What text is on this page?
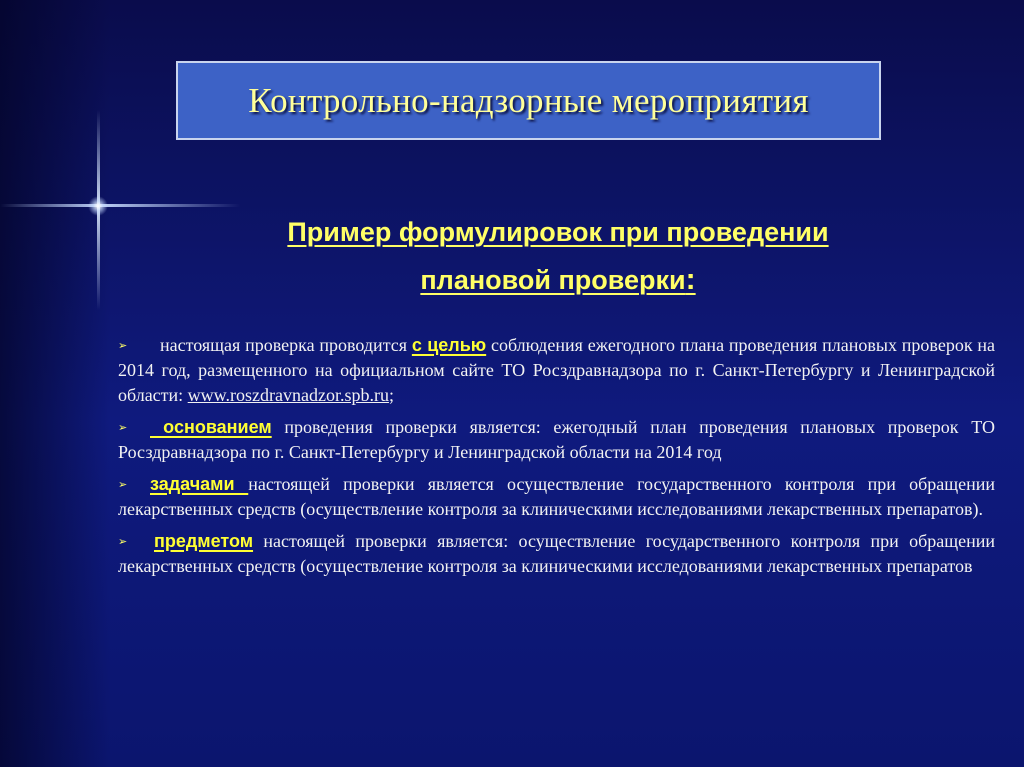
Контрольно-надзорные мероприятия
Пример формулировок при проведении
плановой проверки:
➢ настоящая проверка проводится с целью соблюдения ежегодного плана проведения плановых проверок на 2014 год, размещенного на официальном сайте ТО Росздравнадзора по г. Санкт-Петербургу и Ленинградской области: www.roszdravnadzor.spb.ru;
➢ основанием проведения проверки является: ежегодный план проведения плановых проверок ТО Росздравнадзора по г. Санкт-Петербургу и Ленинградской области на 2014 год
➢ задачами настоящей проверки является осуществление государственного контроля при обращении лекарственных средств (осуществление контроля за клиническими исследованиями лекарственных препаратов).
➢ предметом настоящей проверки является: осуществление государственного контроля при обращении лекарственных средств (осуществление контроля за клиническими исследованиями лекарственных препаратов
